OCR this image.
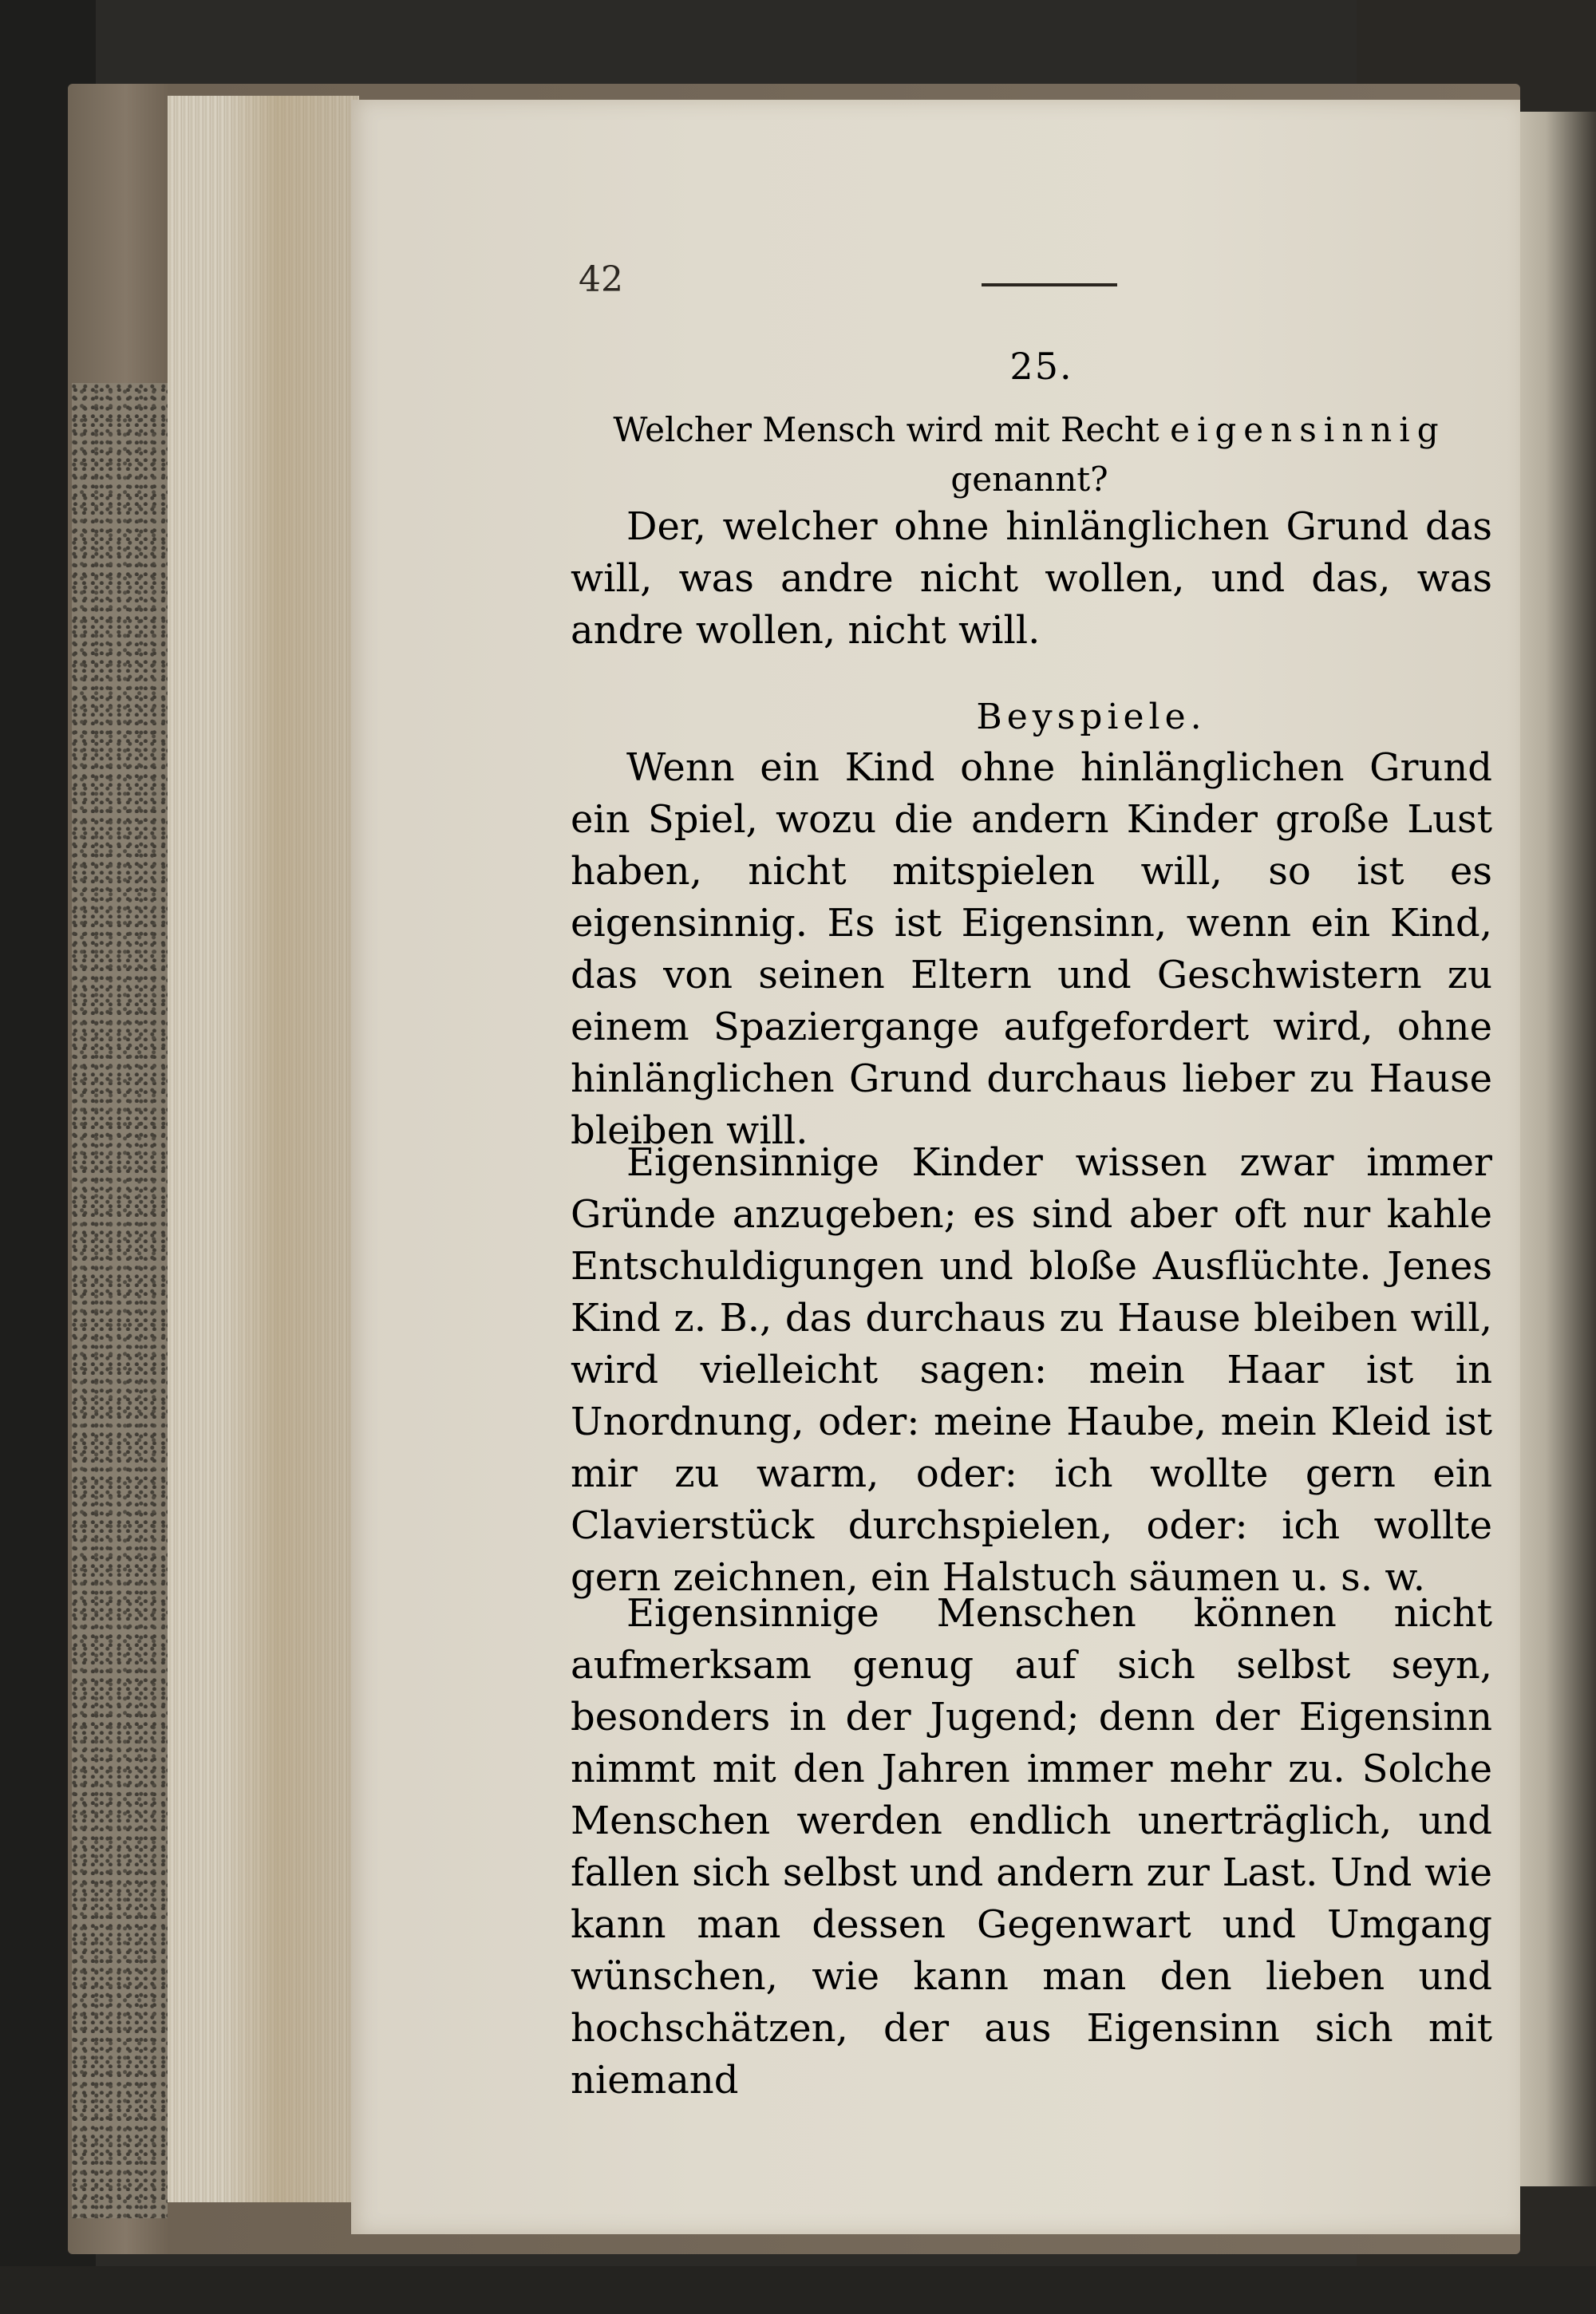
42
25.
Welcher Mensch wird mit Recht eigensinnig
genannt?
Der, welcher ohne hinlänglichen Grund das will, was andre nicht wollen, und das, was andre wollen, nicht will.
Beyspiele.
Wenn ein Kind ohne hinlänglichen Grund ein Spiel, wozu die andern Kinder große Lust haben, nicht mitspielen will, so ist es eigensinnig. Es ist Eigensinn, wenn ein Kind, das von seinen Eltern und Geschwistern zu einem Spaziergange aufgefordert wird, ohne hinlänglichen Grund durchaus lieber zu Hause bleiben will.
Eigensinnige Kinder wissen zwar immer Gründe anzugeben; es sind aber oft nur kahle Entschuldigungen und bloße Ausflüchte. Jenes Kind z. B., das durchaus zu Hause bleiben will, wird vielleicht sagen: mein Haar ist in Unordnung, oder: meine Haube, mein Kleid ist mir zu warm, oder: ich wollte gern ein Clavierstück durchspielen, oder: ich wollte gern zeichnen, ein Halstuch säumen u. s. w.
Eigensinnige Menschen können nicht aufmerksam genug auf sich selbst seyn, besonders in der Jugend; denn der Eigensinn nimmt mit den Jahren immer mehr zu. Solche Menschen werden endlich unerträglich, und fallen sich selbst und andern zur Last. Und wie kann man dessen Gegenwart und Umgang wünschen, wie kann man den lieben und hochschätzen, der aus Eigensinn sich mit niemand
